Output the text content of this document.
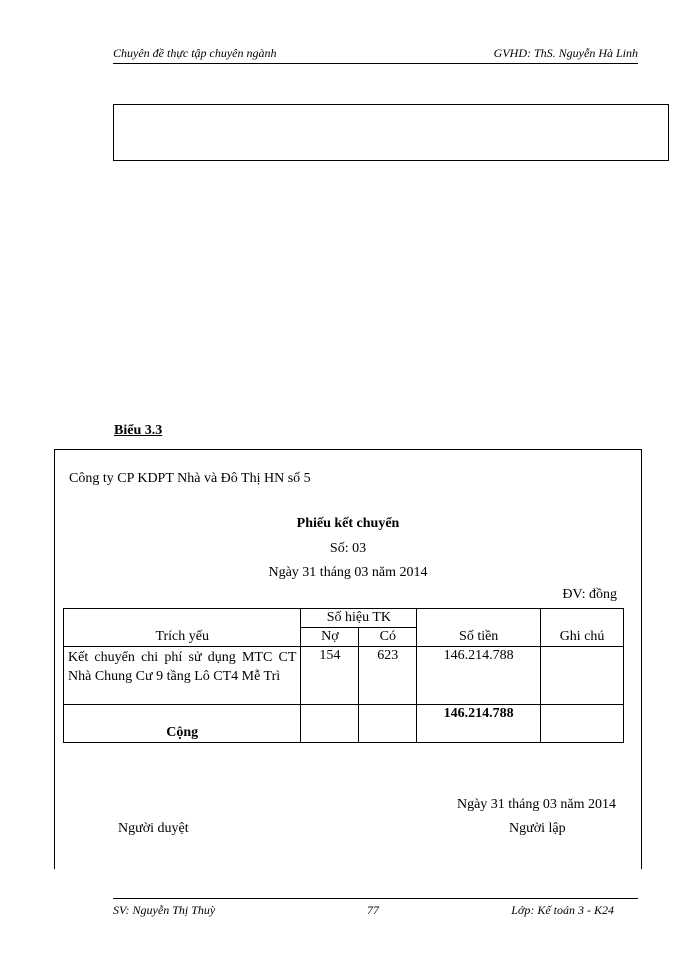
Chuyên đề thực tập chuyên ngành	GVHD: ThS. Nguyễn Hà Linh
Biểu 3.3
Công ty CP KDPT Nhà và Đô Thị HN số 5
Phiếu kết chuyển
Số: 03
Ngày 31 tháng 03 năm 2014
ĐV: đồng
Trích yếu	Số hiệu TK		Số tiền	Ghi chú
	Nợ	Có		
Kết chuyển chi phí sử dụng MTC CT Nhà Chung Cư 9 tầng Lô CT4 Mễ Trì	154	623	146.214.788	
Cộng			146.214.788	
Ngày 31 tháng 03 năm 2014
Người duyệt	Người lập
SV: Nguyễn Thị Thuỳ	77	Lớp: Kế toán 3 - K24
